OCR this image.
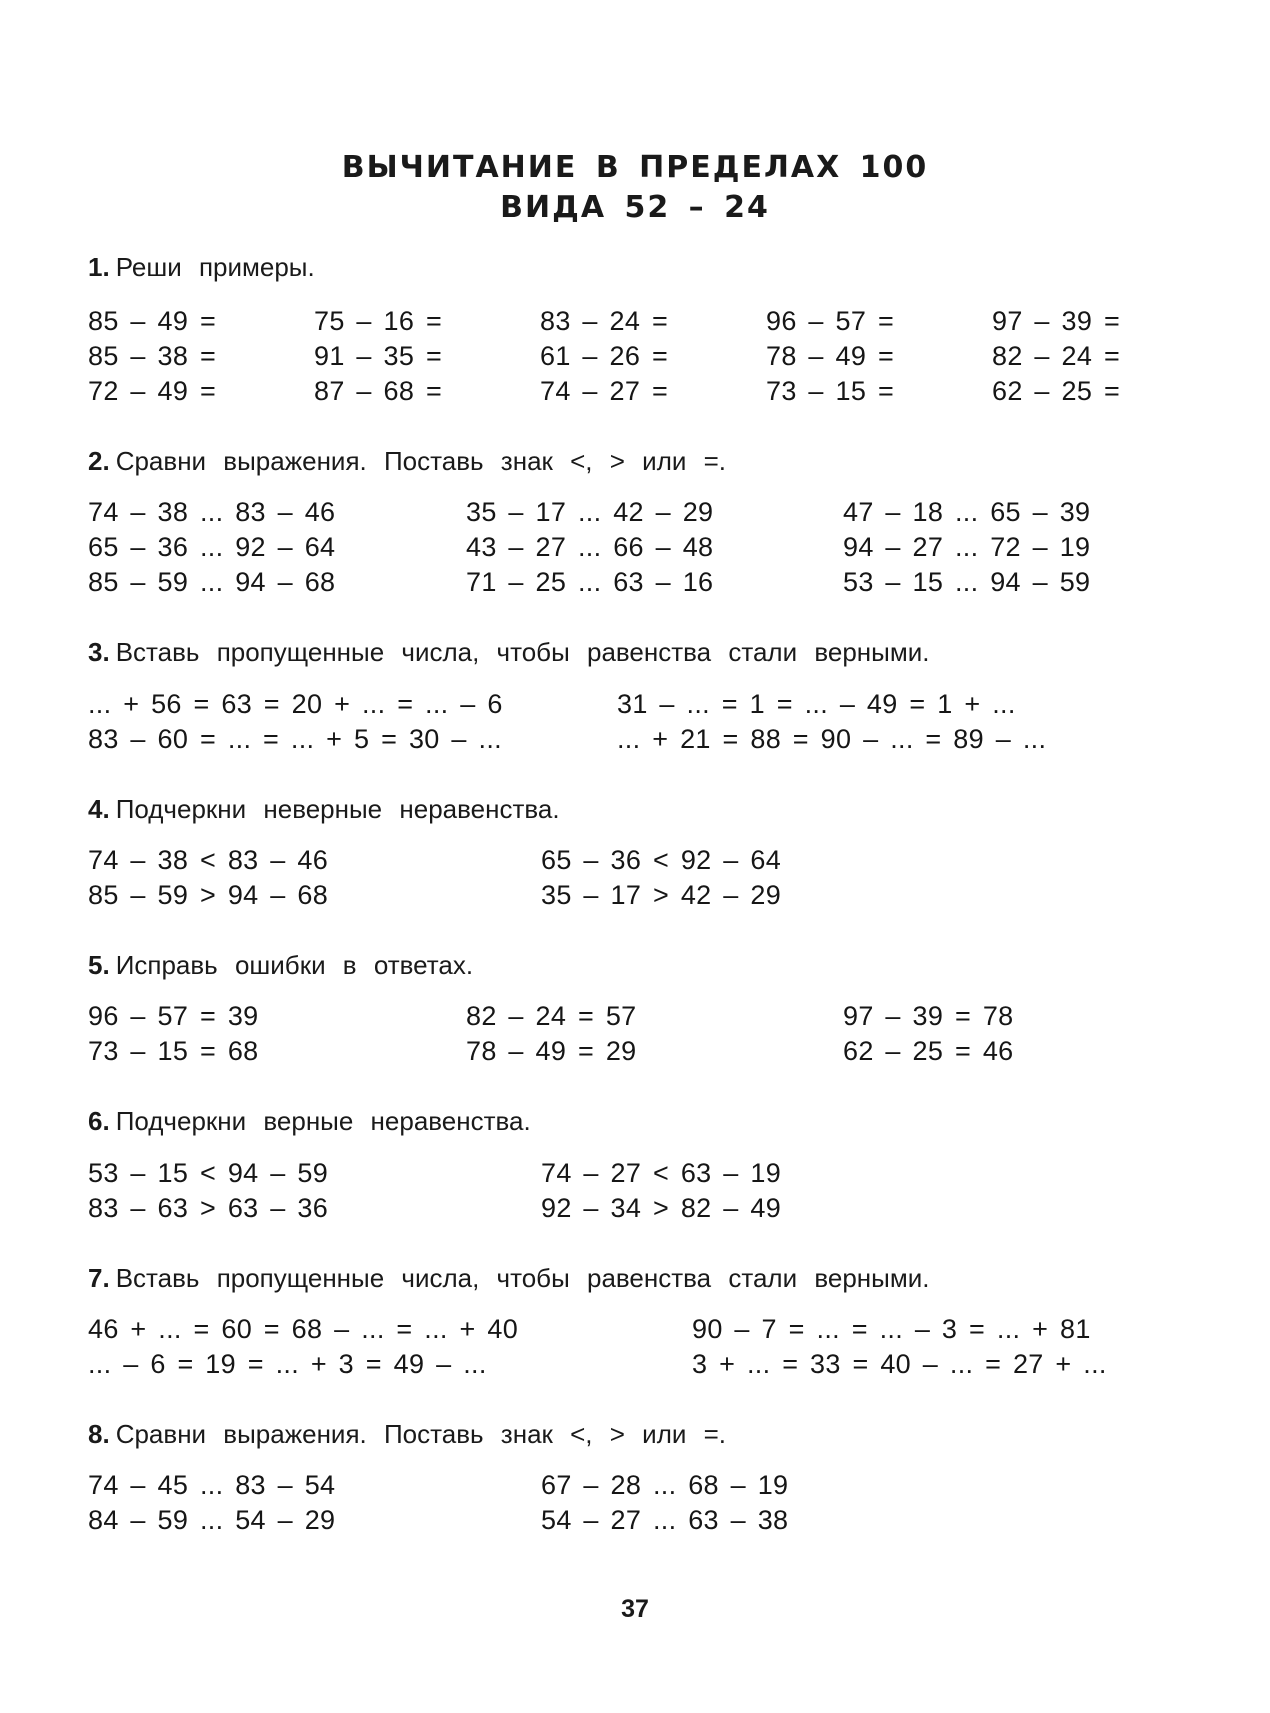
ВЫЧИТАНИЕ В ПРЕДЕЛАХ 100
ВИДА 52 – 24

1. Реши примеры.

85 – 49 =	75 – 16 =	83 – 24 =	96 – 57 =	97 – 39 =
85 – 38 =	91 – 35 =	61 – 26 =	78 – 49 =	82 – 24 =
72 – 49 =	87 – 68 =	74 – 27 =	73 – 15 =	62 – 25 =

2. Сравни выражения. Поставь знак <, > или =.

74 – 38 ... 83 – 46	35 – 17 ... 42 – 29	47 – 18 ... 65 – 39
65 – 36 ... 92 – 64	43 – 27 ... 66 – 48	94 – 27 ... 72 – 19
85 – 59 ... 94 – 68	71 – 25 ... 63 – 16	53 – 15 ... 94 – 59

3. Вставь пропущенные числа, чтобы равенства стали верными.

... + 56 = 63 = 20 + ... = ... – 6	31 – ... = 1 = ... – 49 = 1 + ...
83 – 60 = ... = ... + 5 = 30 – ...	... + 21 = 88 = 90 – ... = 89 – ...

4. Подчеркни неверные неравенства.

74 – 38 < 83 – 46	65 – 36 < 92 – 64
85 – 59 > 94 – 68	35 – 17 > 42 – 29

5. Исправь ошибки в ответах.

96 – 57 = 39	82 – 24 = 57	97 – 39 = 78
73 – 15 = 68	78 – 49 = 29	62 – 25 = 46

6. Подчеркни верные неравенства.

53 – 15 < 94 – 59	74 – 27 < 63 – 19
83 – 63 > 63 – 36	92 – 34 > 82 – 49

7. Вставь пропущенные числа, чтобы равенства стали верными.

46 + ... = 60 = 68 – ... = ... + 40	90 – 7 = ... = ... – 3 = ... + 81
... – 6 = 19 = ... + 3 = 49 – ...	3 + ... = 33 = 40 – ... = 27 + ...

8. Сравни выражения. Поставь знак <, > или =.

74 – 45 ... 83 – 54	67 – 28 ... 68 – 19
84 – 59 ... 54 – 29	54 – 27 ... 63 – 38
37
